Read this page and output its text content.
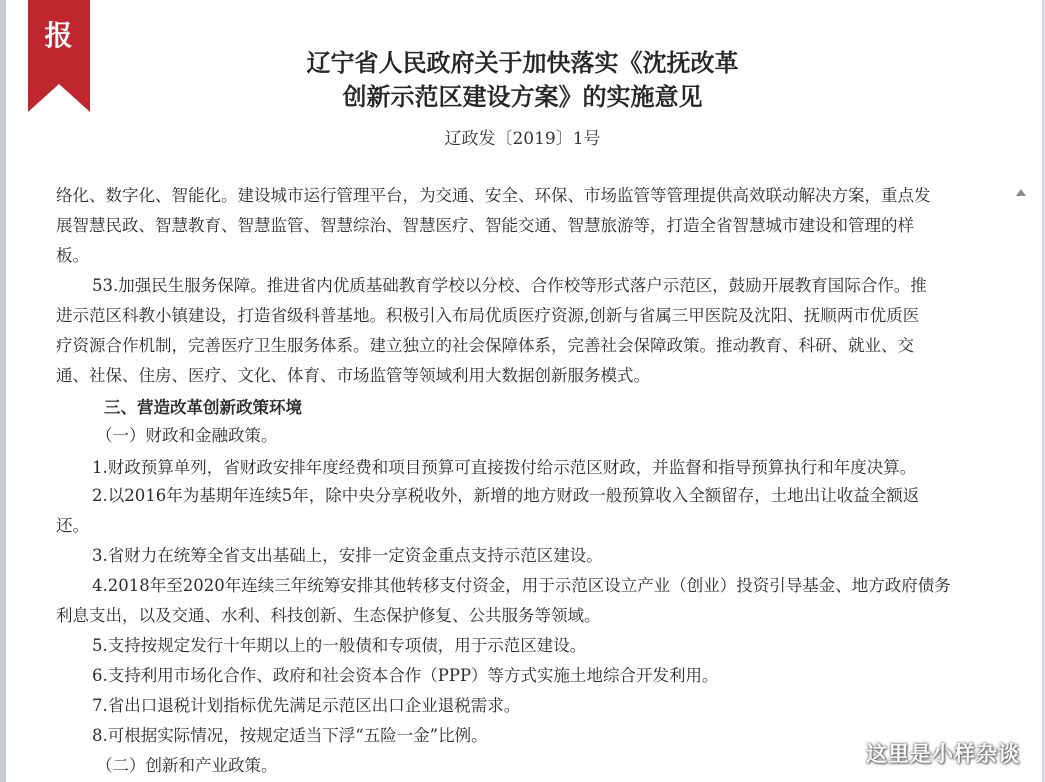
报
辽宁省人民政府关于加快落实《沈抚改革
创新示范区建设方案》的实施意见
辽政发〔2019〕1号
络化、数字化、智能化。建设城市运行管理平台，为交通、安全、环保、市场监管等管理提供高效联动解决方案，重点发
展智慧民政、智慧教育、智慧监管、智慧综治、智慧医疗、智能交通、智慧旅游等，打造全省智慧城市建设和管理的样
板。
53.加强民生服务保障。推进省内优质基础教育学校以分校、合作校等形式落户示范区，鼓励开展教育国际合作。推
进示范区科教小镇建设，打造省级科普基地。积极引入布局优质医疗资源,创新与省属三甲医院及沈阳、抚顺两市优质医
疗资源合作机制，完善医疗卫生服务体系。建立独立的社会保障体系，完善社会保障政策。推动教育、科研、就业、交
通、社保、住房、医疗、文化、体育、市场监管等领域利用大数据创新服务模式。
三、营造改革创新政策环境
（一）财政和金融政策。
1.财政预算单列，省财政安排年度经费和项目预算可直接拨付给示范区财政，并监督和指导预算执行和年度决算。
2.以2016年为基期年连续5年，除中央分享税收外，新增的地方财政一般预算收入全额留存，土地出让收益全额返
还。
3.省财力在统筹全省支出基础上，安排一定资金重点支持示范区建设。
4.2018年至2020年连续三年统筹安排其他转移支付资金，用于示范区设立产业（创业）投资引导基金、地方政府债务
利息支出，以及交通、水利、科技创新、生态保护修复、公共服务等领域。
5.支持按规定发行十年期以上的一般债和专项债，用于示范区建设。
6.支持利用市场化合作、政府和社会资本合作（PPP）等方式实施土地综合开发利用。
7.省出口退税计划指标优先满足示范区出口企业退税需求。
8.可根据实际情况，按规定适当下浮“五险一金”比例。
（二）创新和产业政策。	这里是小样杂谈
